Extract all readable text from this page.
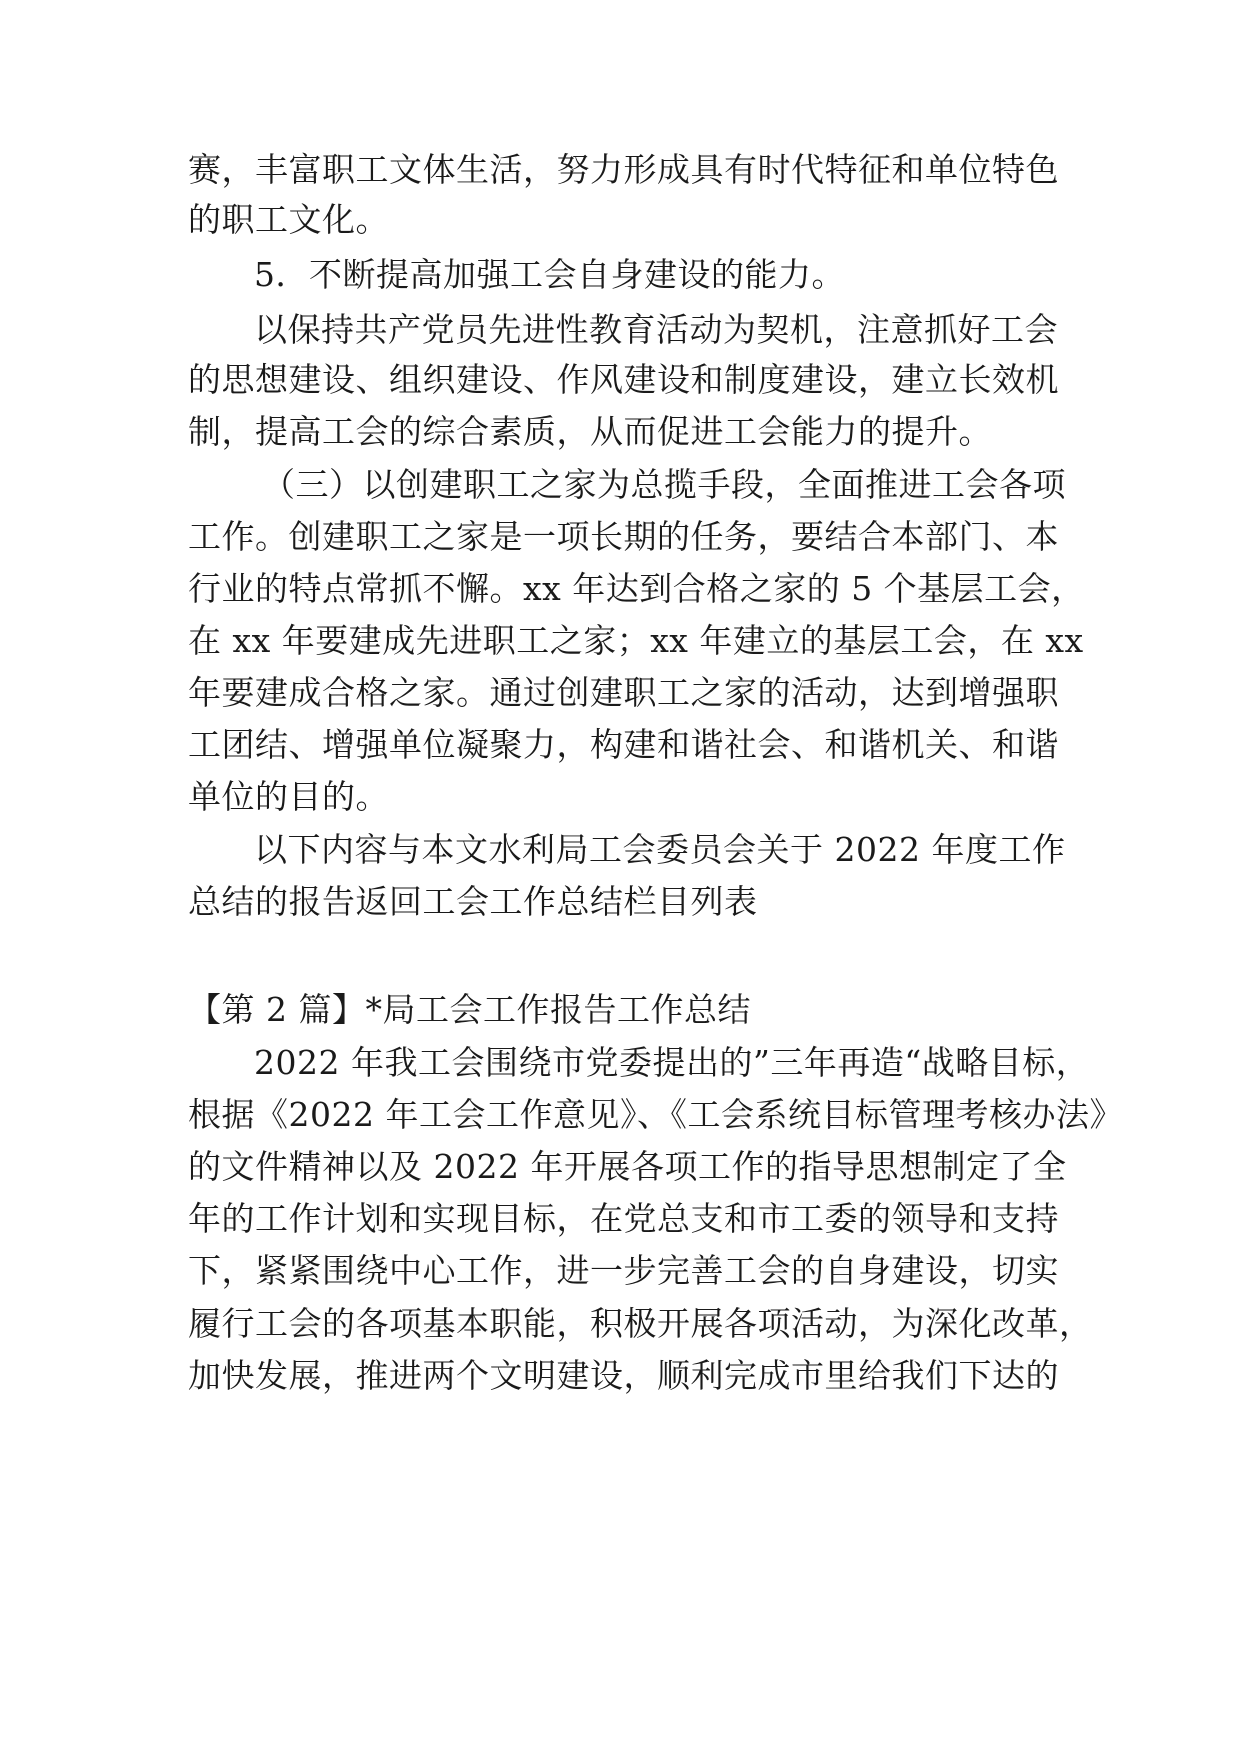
赛，丰富职工文体生活，努力形成具有时代特征和单位特色
的职工文化。
5．不断提高加强工会自身建设的能力。
以保持共产党员先进性教育活动为契机，注意抓好工会
的思想建设、组织建设、作风建设和制度建设，建立长效机
制，提高工会的综合素质，从而促进工会能力的提升。
（三）以创建职工之家为总揽手段，全面推进工会各项
工作。创建职工之家是一项长期的任务，要结合本部门、本
行业的特点常抓不懈。xx 年达到合格之家的 5 个基层工会，
在 xx 年要建成先进职工之家；xx 年建立的基层工会，在 xx
年要建成合格之家。通过创建职工之家的活动，达到增强职
工团结、增强单位凝聚力，构建和谐社会、和谐机关、和谐
单位的目的。
以下内容与本文水利局工会委员会关于 2022 年度工作
总结的报告返回工会工作总结栏目列表
【第 2 篇】*局工会工作报告工作总结
2022 年我工会围绕市党委提出的”三年再造“战略目标，
根据《2022 年工会工作意见》、《工会系统目标管理考核办法》
的文件精神以及 2022 年开展各项工作的指导思想制定了全
年的工作计划和实现目标，在党总支和市工委的领导和支持
下，紧紧围绕中心工作，进一步完善工会的自身建设，切实
履行工会的各项基本职能，积极开展各项活动，为深化改革，
加快发展，推进两个文明建设，顺利完成市里给我们下达的
